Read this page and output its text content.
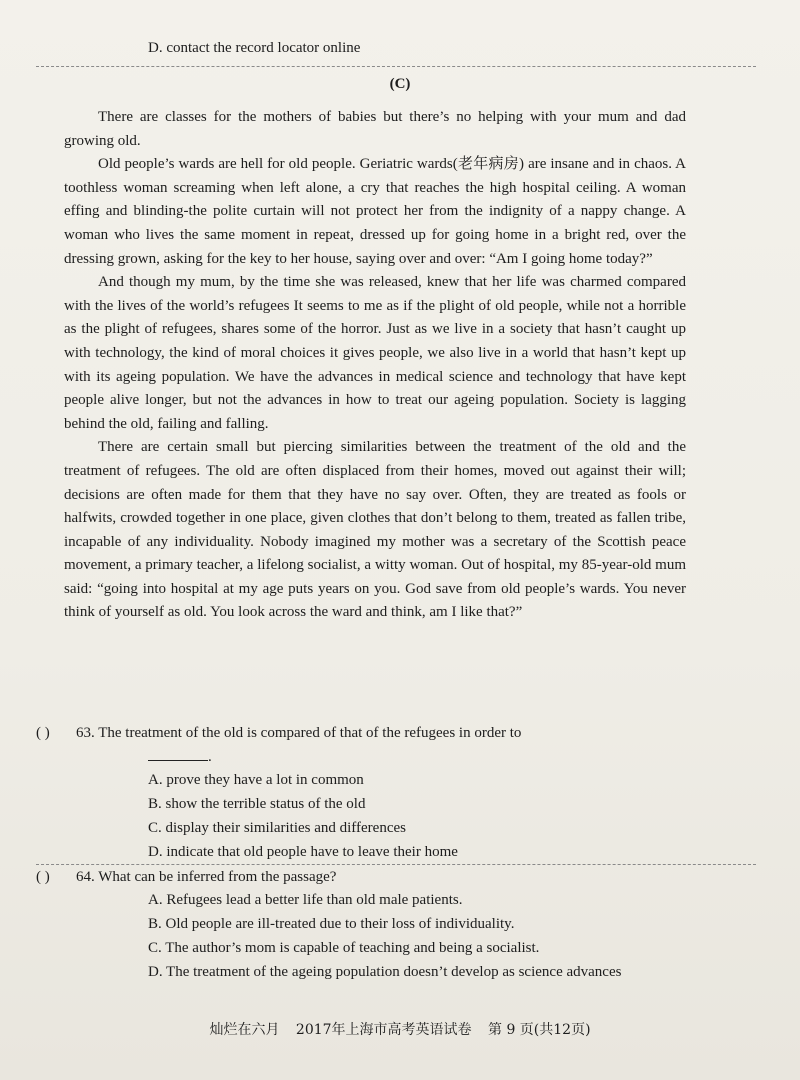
D. contact the record locator online
(C)

There are classes for the mothers of babies but there’s no helping with your mum and dad growing old.

Old people’s wards are hell for old people. Geriatric wards(老年病房) are insane and in chaos. A toothless woman screaming when left alone, a cry that reaches the high hospital ceiling. A woman effing and blinding-the polite curtain will not protect her from the indignity of a nappy change. A woman who lives the same moment in repeat, dressed up for going home in a bright red, over the dressing grown, asking for the key to her house, saying over and over: “Am I going home today?”

And though my mum, by the time she was released, knew that her life was charmed compared with the lives of the world’s refugees It seems to me as if the plight of old people, while not a horrible as the plight of refugees, shares some of the horror. Just as we live in a society that hasn’t caught up with technology, the kind of moral choices it gives people, we also live in a world that hasn’t kept up with its ageing population. We have the advances in medical science and technology that have kept people alive longer, but not the advances in how to treat our ageing population. Society is lagging behind the old, failing and falling.

There are certain small but piercing similarities between the treatment of the old and the treatment of refugees. The old are often displaced from their homes, moved out against their will; decisions are often made for them that they have no say over. Often, they are treated as fools or halfwits, crowded together in one place, given clothes that don’t belong to them, treated as fallen tribe, incapable of any individuality. Nobody imagined my mother was a secretary of the Scottish peace movement, a primary teacher, a lifelong socialist, a witty woman. Out of hospital, my 85-year-old mum said: “going into hospital at my age puts years on you. God save from old people’s wards. You never think of yourself as old. You look across the ward and think, am I like that?”

( ) 63. The treatment of the old is compared of that of the refugees in order to
.
A. prove they have a lot in common
B. show the terrible status of the old
C. display their similarities and differences
D. indicate that old people have to leave their home
( ) 64. What can be inferred from the passage?
A. Refugees lead a better life than old male patients.
B. Old people are ill-treated due to their loss of individuality.
C. The author’s mom is capable of teaching and being a socialist.
D. The treatment of the ageing population doesn’t develop as science advances
灿烂在六月 2017年上海市高考英语试卷 第 9 页(共12页)
